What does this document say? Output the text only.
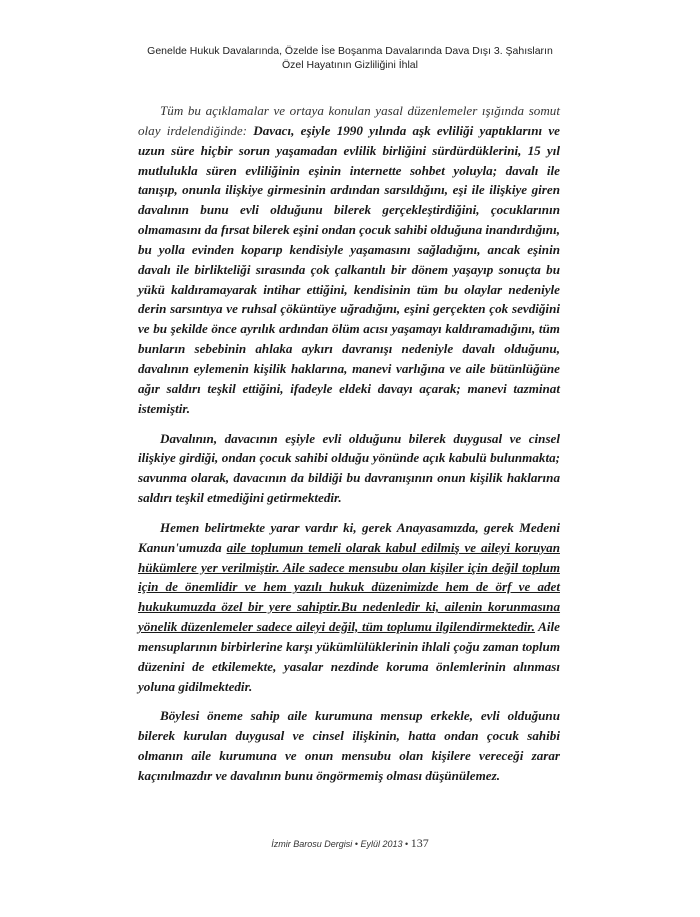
Genelde Hukuk Davalarında, Özelde İse Boşanma Davalarında Dava Dışı 3. Şahısların
Özel Hayatının Gizliliğini İhlal

Tüm bu açıklamalar ve ortaya konulan yasal düzenlemeler ışığında somut olay irdelendiğinde: Davacı, eşiyle 1990 yılında aşk evliliği yaptıklarını ve uzun süre hiçbir sorun yaşamadan evlilik birliğini sürdürdüklerini, 15 yıl mutlulukla süren evliliğinin eşinin internette sohbet yoluyla; davalı ile tanışıp, onunla ilişkiye girmesinin ardından sarsıldığını, eşi ile ilişkiye giren davalının bunu evli olduğunu bilerek gerçekleştirdiğini, çocuklarının olmamasını da fırsat bilerek eşini ondan çocuk sahibi olduğuna inandırdığını, bu yolla evinden koparıp kendisiyle yaşamasını sağladığını, ancak eşinin davalı ile birlikteliği sırasında çok çalkantılı bir dönem yaşayıp sonuçta bu yükü kaldıramayarak intihar ettiğini, kendisinin tüm bu olaylar nedeniyle derin sarsıntıya ve ruhsal çöküntüye uğradığını, eşini gerçekten çok sevdiğini ve bu şekilde önce ayrılık ardından ölüm acısı yaşamayı kaldıramadığını, tüm bunların sebebinin ahlaka aykırı davranışı nedeniyle davalı olduğunu, davalının eylemenin kişilik haklarına, manevi varlığına ve aile bütünlüğüne ağır saldırı teşkil ettiğini, ifadeyle eldeki davayı açarak; manevi tazminat istemiştir.

Davalının, davacının eşiyle evli olduğunu bilerek duygusal ve cinsel ilişkiye girdiği, ondan çocuk sahibi olduğu yönünde açık kabulü bulunmakta; savunma olarak, davacının da bildiği bu davranışının onun kişilik haklarına saldırı teşkil etmediğini getirmektedir.

Hemen belirtmekte yarar vardır ki, gerek Anayasamızda, gerek Medeni Kanun'umuzda aile toplumun temeli olarak kabul edilmiş ve aileyi koruyan hükümlere yer verilmiştir. Aile sadece mensubu olan kişiler için değil toplum için de önemlidir ve hem yazılı hukuk düzenimizde hem de örf ve adet hukukumuzda özel bir yere sahiptir.Bu nedenledir ki, ailenin korunmasına yönelik düzenlemeler sadece aileyi değil, tüm toplumu ilgilendirmektedir. Aile mensuplarının birbirlerine karşı yükümlülüklerinin ihlali çoğu zaman toplum düzenini de etkilemekte, yasalar nezdinde koruma önlemlerinin alınması yoluna gidilmektedir.

Böylesi öneme sahip aile kurumuna mensup erkekle, evli olduğunu bilerek kurulan duygusal ve cinsel ilişkinin, hatta ondan çocuk sahibi olmanın aile kurumuna ve onun mensubu olan kişilere vereceği zarar kaçınılmazdır ve davalının bunu öngörmemiş olması düşünülemez.

İzmir Barosu Dergisi • Eylül 2013 • 137
